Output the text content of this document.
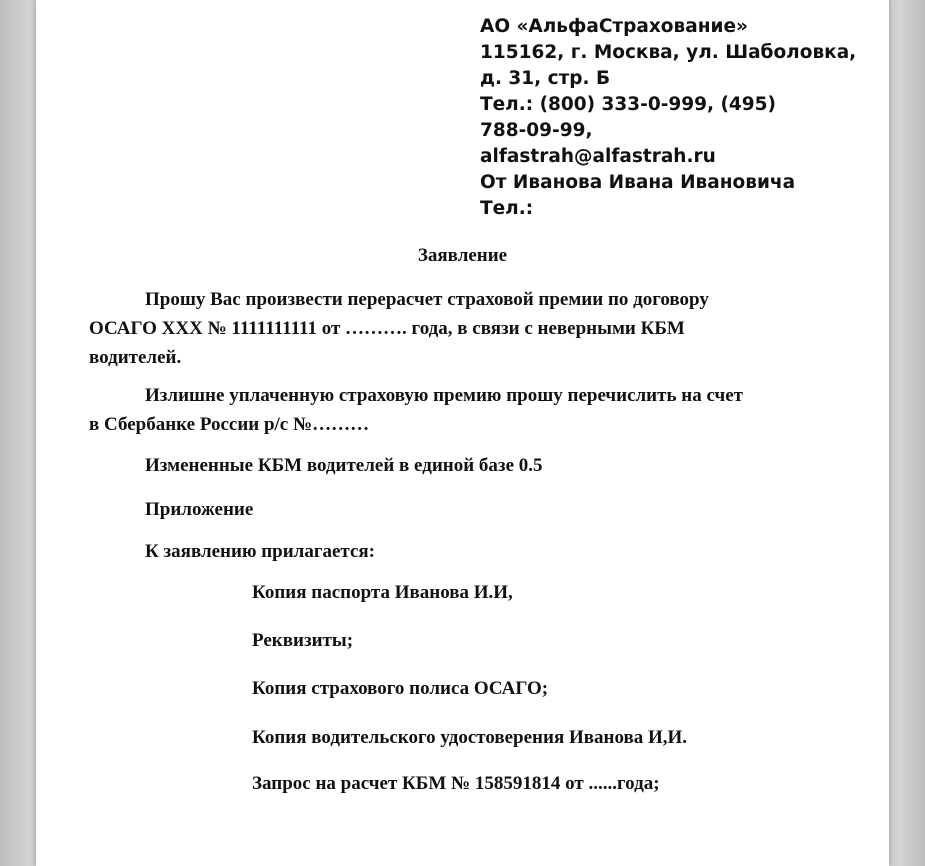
АО «АльфаСтрахование»
115162, г. Москва, ул. Шаболовка,
д. 31, стр. Б
Тел.: (800) 333-0-999, (495)
788-09-99,
alfastrah@alfastrah.ru
От Иванова Ивана Ивановича
Тел.:
Заявление
Прошу Вас произвести перерасчет страховой премии по договору
ОСАГО ХХХ № 1111111111 от ………. года, в связи с неверными КБМ
водителей.
Излишне уплаченную страховую премию прошу перечислить на счет
в Сбербанке России р/с №………
Измененные КБМ водителей в единой базе 0.5
Приложение
К заявлению прилагается:
Копия паспорта Иванова И.И,
Реквизиты;
Копия страхового полиса ОСАГО;
Копия водительского удостоверения Иванова И,И.
Запрос на расчет КБМ № 158591814 от ......года;
